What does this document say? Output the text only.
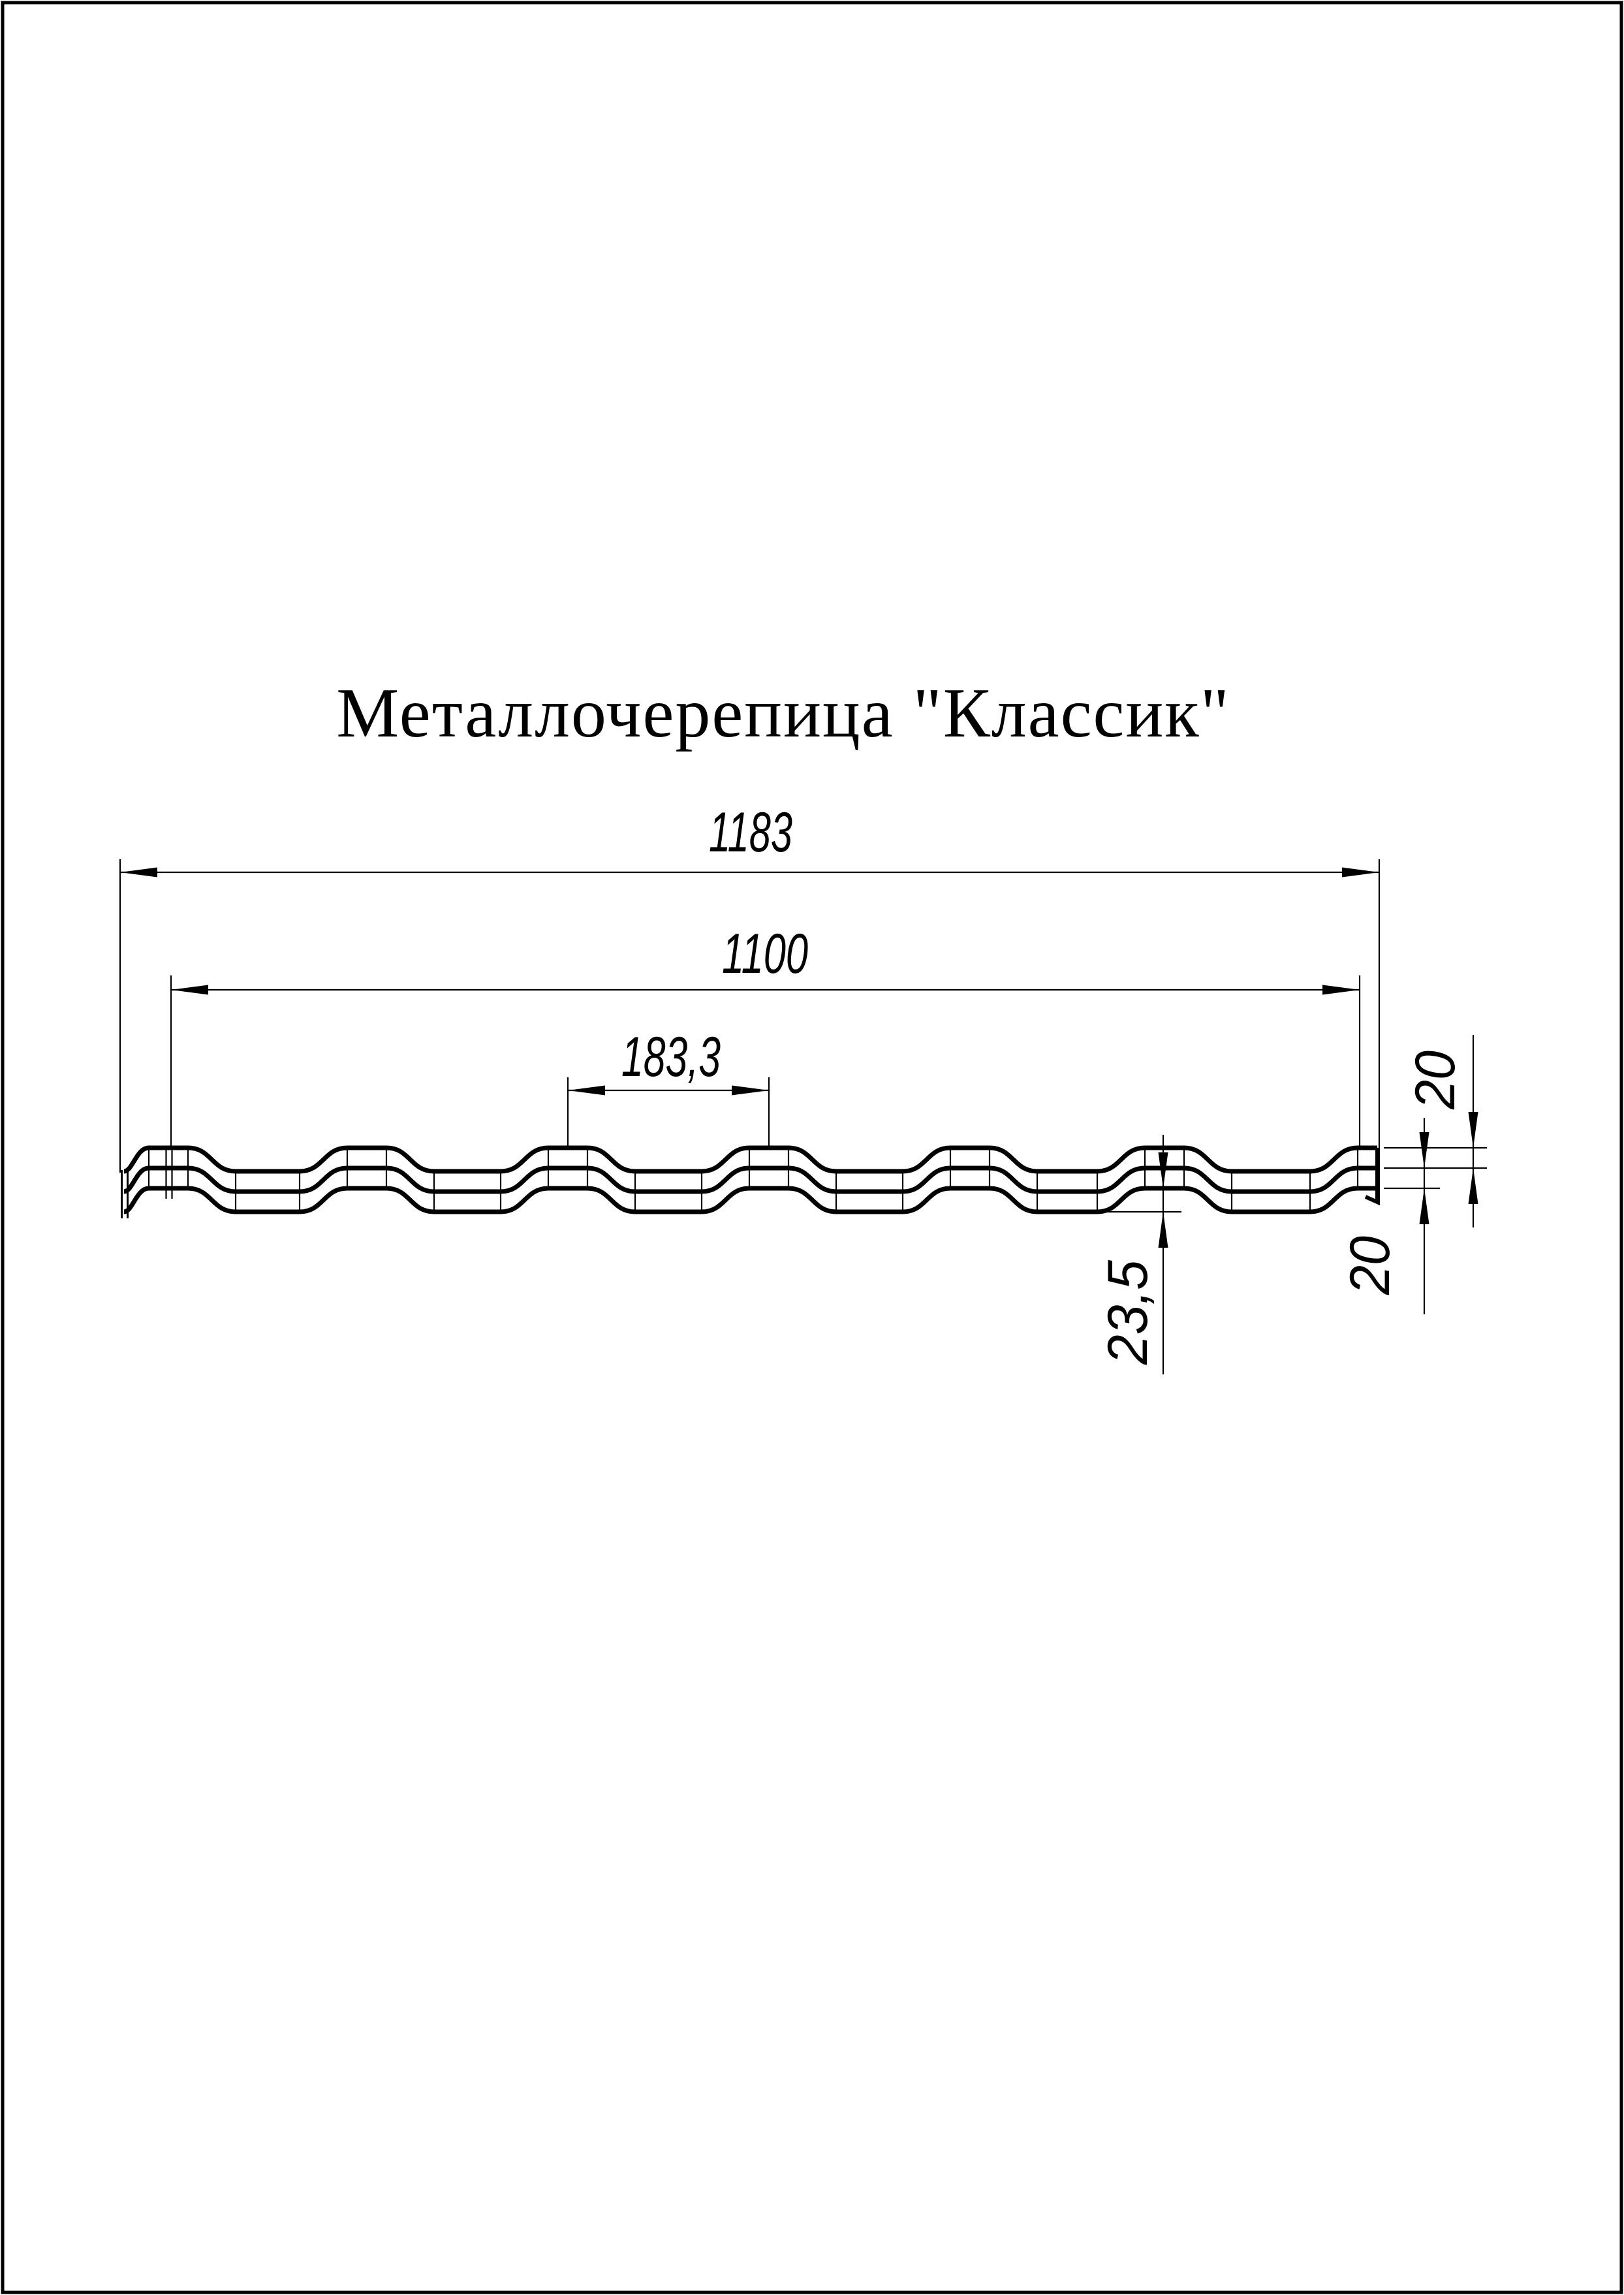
Металлочерепица "Классик"
1183
1100
183,3
23,5
20
20
